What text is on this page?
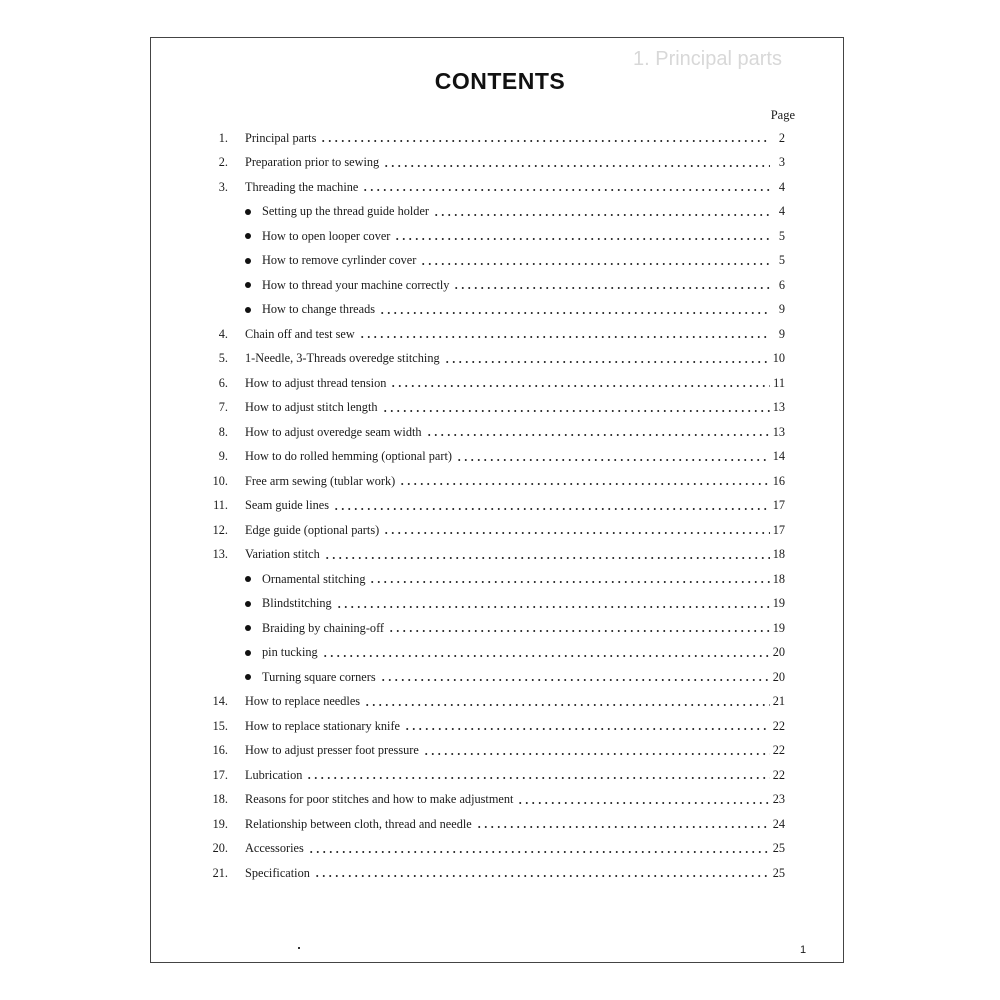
1. Principal parts
CONTENTS
Page
1. Principal parts	2
2. Preparation prior to sewing	3
3. Threading the machine	4
Setting up the thread guide holder	4
How to open looper cover	5
How to remove cyrlinder cover	5
How to thread your machine correctly	6
How to change threads	9
4. Chain off and test sew	9
5. 1-Needle, 3-Threads overedge stitching	10
6. How to adjust thread tension	11
7. How to adjust stitch length	13
8. How to adjust overedge seam width	13
9. How to do rolled hemming (optional part)	14
10. Free arm sewing (tublar work)	16
11. Seam guide lines	17
12. Edge guide (optional parts)	17
13. Variation stitch	18
Ornamental stitching	18
Blindstitching	19
Braiding by chaining-off	19
pin tucking	20
Turning square corners	20
14. How to replace needles	21
15. How to replace stationary knife	22
16. How to adjust presser foot pressure	22
17. Lubrication	22
18. Reasons for poor stitches and how to make adjustment	23
19. Relationship between cloth, thread and needle	24
20. Accessories	25
21. Specification	25
1
